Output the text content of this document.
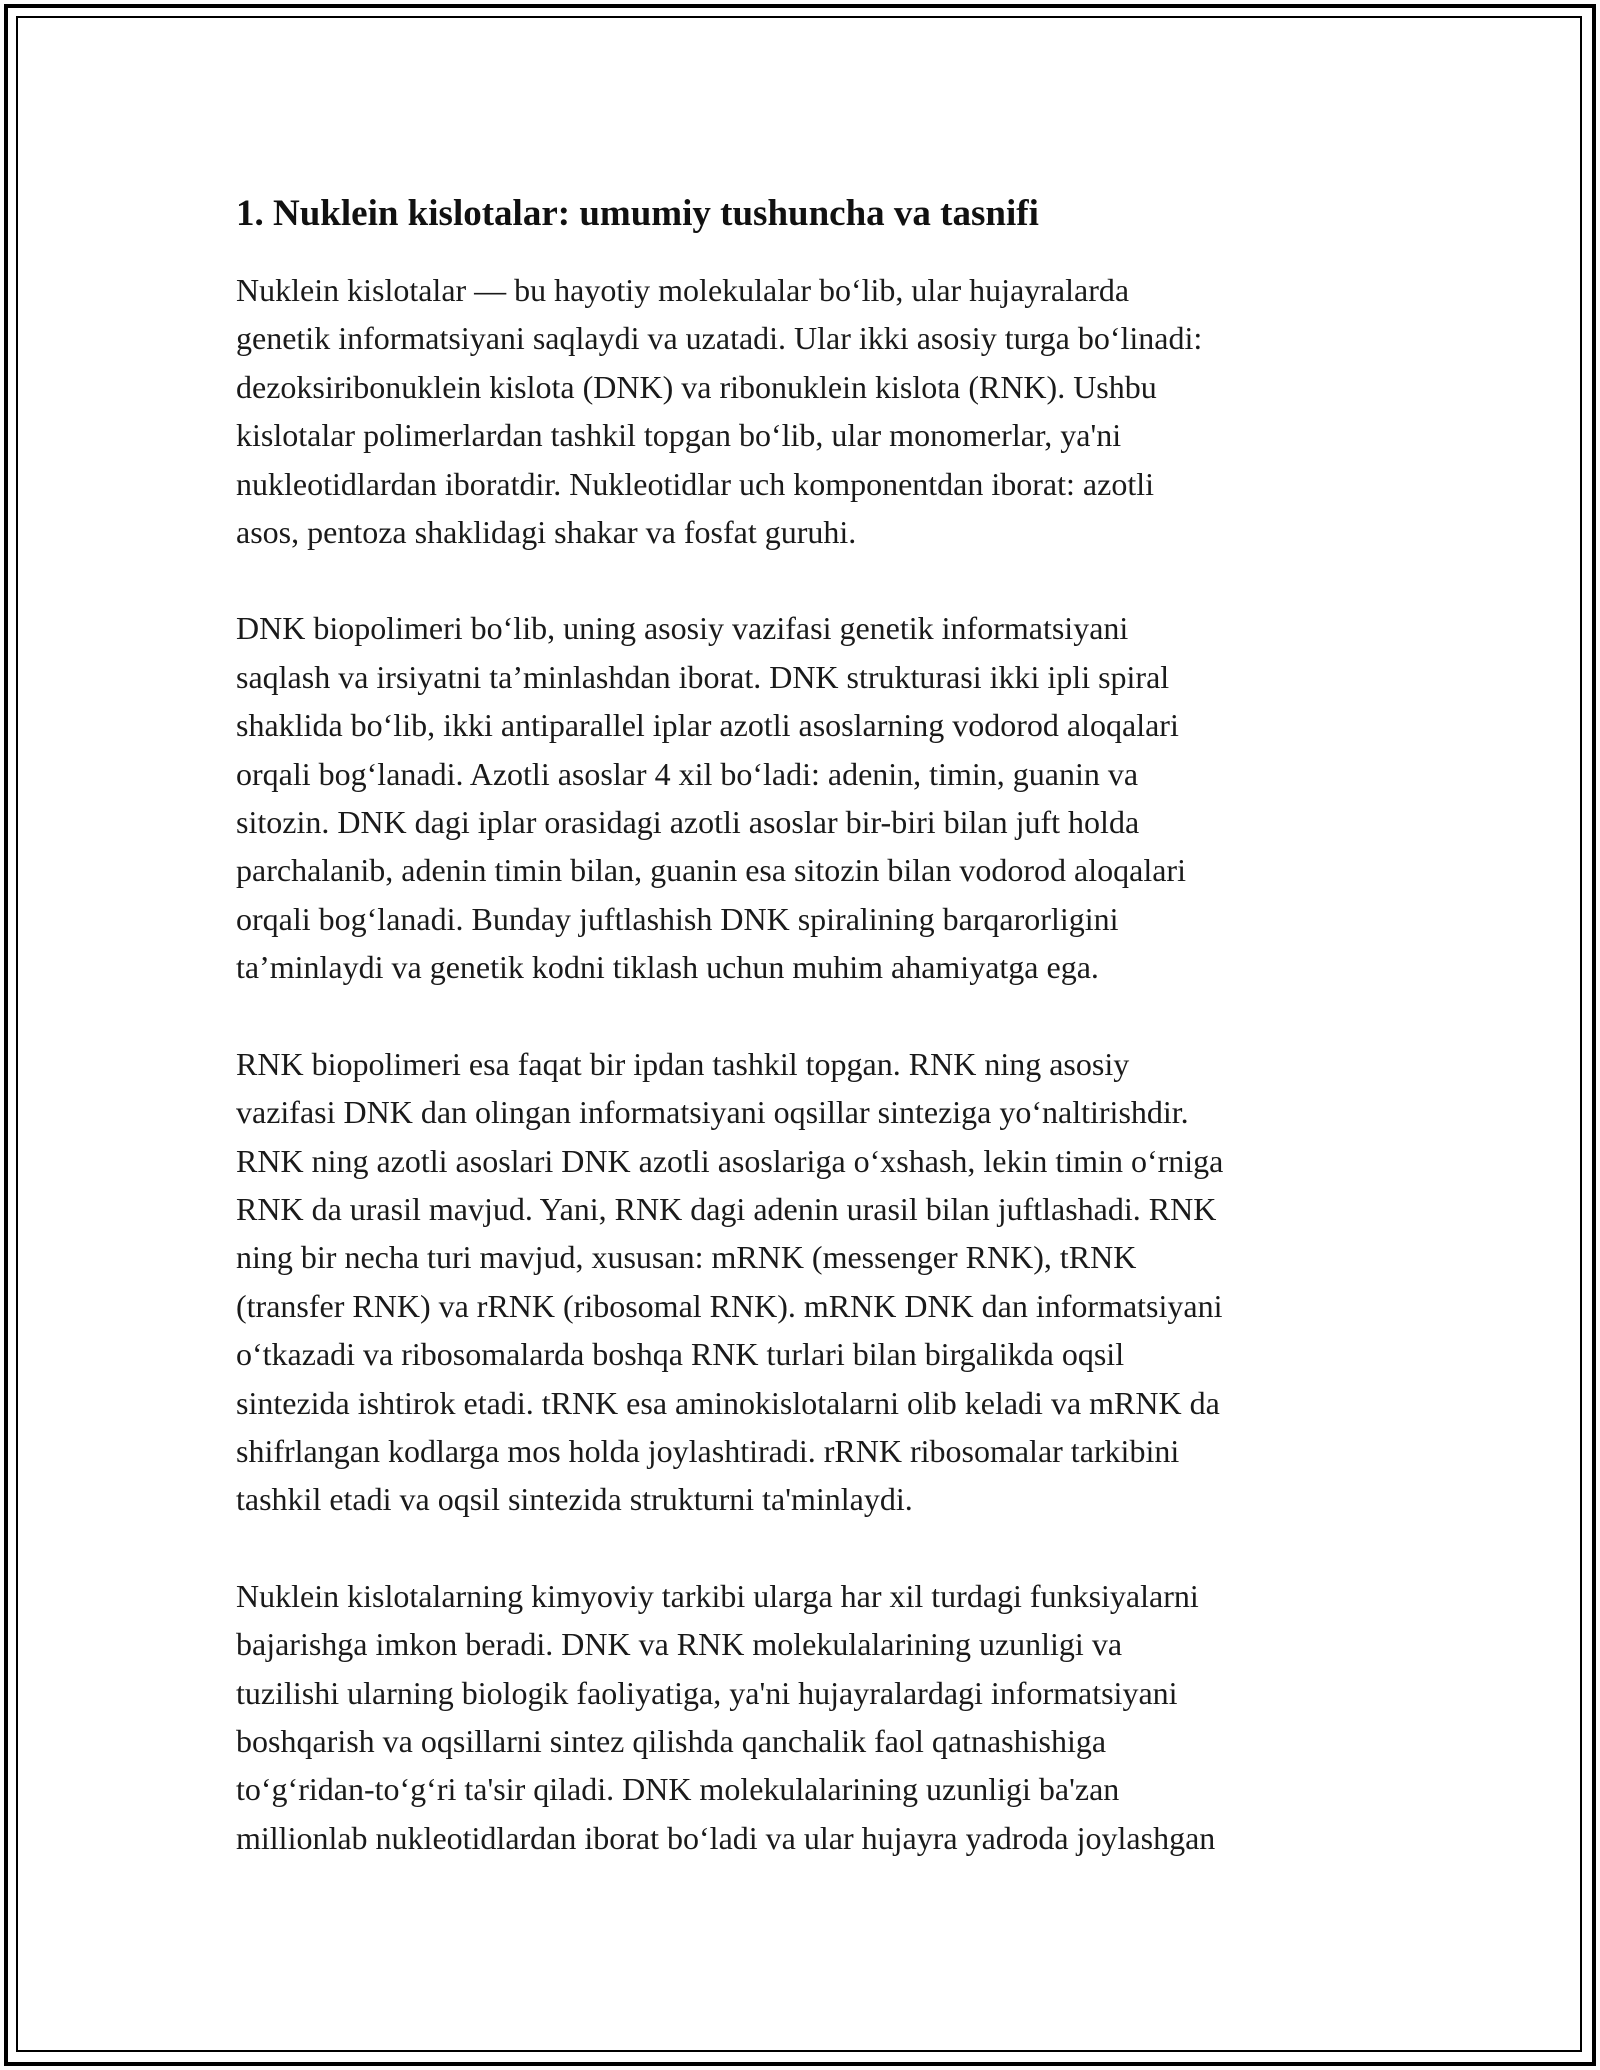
1. Nuklein kislotalar: umumiy tushuncha va tasnifi

Nuklein kislotalar — bu hayotiy molekulalar bo‘lib, ular hujayralarda
genetik informatsiyani saqlaydi va uzatadi. Ular ikki asosiy turga bo‘linadi:
dezoksiribonuklein kislota (DNK) va ribonuklein kislota (RNK). Ushbu
kislotalar polimerlardan tashkil topgan bo‘lib, ular monomerlar, ya'ni
nukleotidlardan iboratdir. Nukleotidlar uch komponentdan iborat: azotli
asos, pentoza shaklidagi shakar va fosfat guruhi.

DNK biopolimeri bo‘lib, uning asosiy vazifasi genetik informatsiyani
saqlash va irsiyatni ta’minlashdan iborat. DNK strukturasi ikki ipli spiral
shaklida bo‘lib, ikki antiparallel iplar azotli asoslarning vodorod aloqalari
orqali bog‘lanadi. Azotli asoslar 4 xil bo‘ladi: adenin, timin, guanin va
sitozin. DNK dagi iplar orasidagi azotli asoslar bir-biri bilan juft holda
parchalanib, adenin timin bilan, guanin esa sitozin bilan vodorod aloqalari
orqali bog‘lanadi. Bunday juftlashish DNK spiralining barqarorligini
ta’minlaydi va genetik kodni tiklash uchun muhim ahamiyatga ega.

RNK biopolimeri esa faqat bir ipdan tashkil topgan. RNK ning asosiy
vazifasi DNK dan olingan informatsiyani oqsillar sinteziga yo‘naltirishdir.
RNK ning azotli asoslari DNK azotli asoslariga o‘xshash, lekin timin o‘rniga
RNK da urasil mavjud. Yani, RNK dagi adenin urasil bilan juftlashadi. RNK
ning bir necha turi mavjud, xususan: mRNK (messenger RNK), tRNK
(transfer RNK) va rRNK (ribosomal RNK). mRNK DNK dan informatsiyani
o‘tkazadi va ribosomalarda boshqa RNK turlari bilan birgalikda oqsil
sintezida ishtirok etadi. tRNK esa aminokislotalarni olib keladi va mRNK da
shifrlangan kodlarga mos holda joylashtiradi. rRNK ribosomalar tarkibini
tashkil etadi va oqsil sintezida strukturni ta'minlaydi.

Nuklein kislotalarning kimyoviy tarkibi ularga har xil turdagi funksiyalarni
bajarishga imkon beradi. DNK va RNK molekulalarining uzunligi va
tuzilishi ularning biologik faoliyatiga, ya'ni hujayralardagi informatsiyani
boshqarish va oqsillarni sintez qilishda qanchalik faol qatnashishiga
to‘g‘ridan-to‘g‘ri ta'sir qiladi. DNK molekulalarining uzunligi ba'zan
millionlab nukleotidlardan iborat bo‘ladi va ular hujayra yadroda joylashgan
